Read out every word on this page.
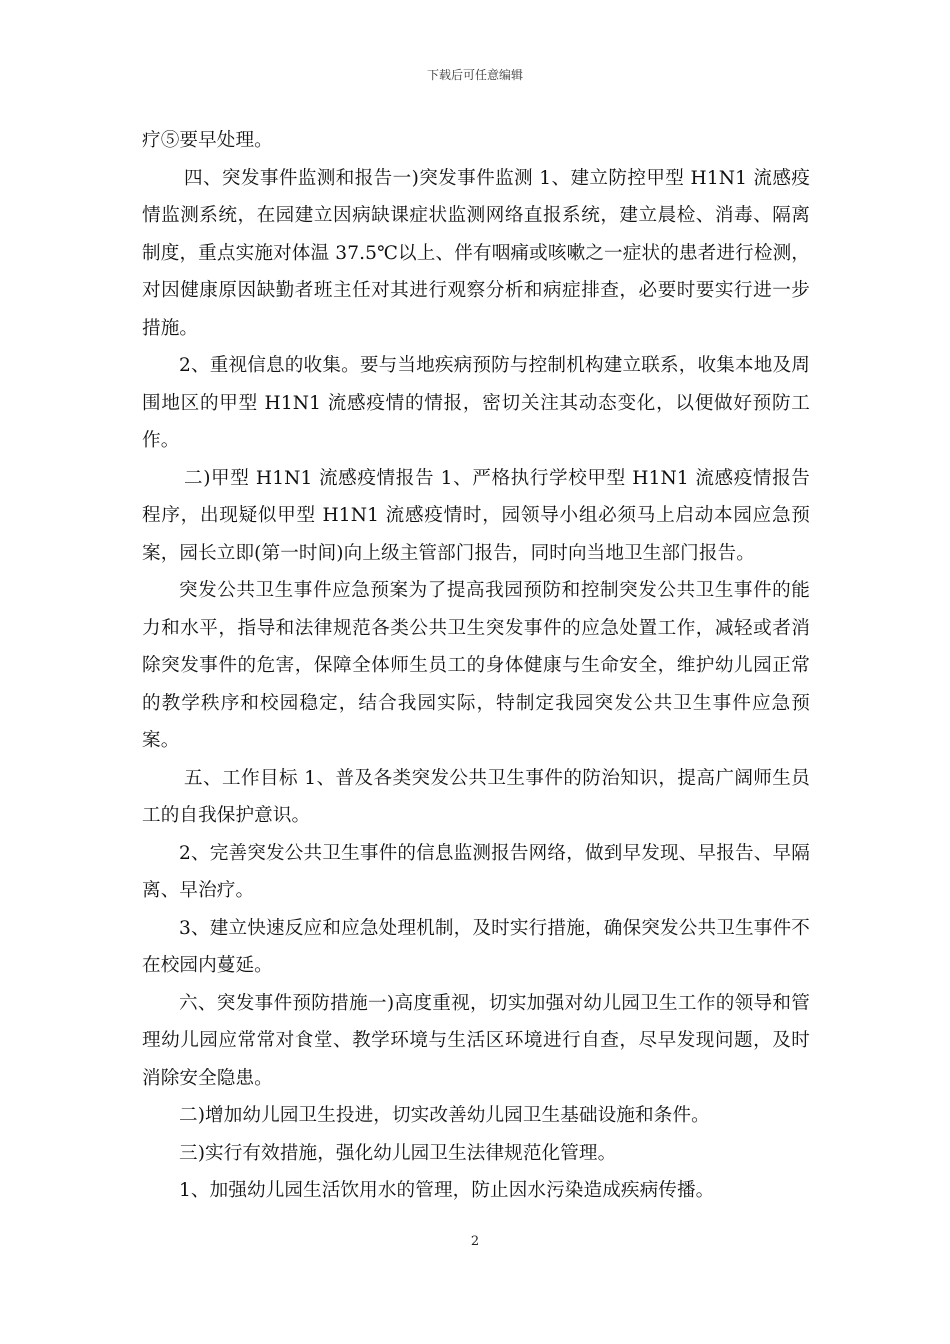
下载后可任意编辑

疗⑤要早处理。

四、突发事件监测和报告一)突发事件监测 1、建立防控甲型 H1N1 流感疫情监测系统，在园建立因病缺课症状监测网络直报系统，建立晨检、消毒、隔离制度，重点实施对体温 37.5℃以上、伴有咽痛或咳嗽之一症状的患者进行检测，对因健康原因缺勤者班主任对其进行观察分析和病症排查，必要时要实行进一步措施。

2、重视信息的收集。要与当地疾病预防与控制机构建立联系，收集本地及周围地区的甲型 H1N1 流感疫情的情报，密切关注其动态变化，以便做好预防工作。

二)甲型 H1N1 流感疫情报告 1、严格执行学校甲型 H1N1 流感疫情报告程序，出现疑似甲型 H1N1 流感疫情时，园领导小组必须马上启动本园应急预案，园长立即(第一时间)向上级主管部门报告，同时向当地卫生部门报告。

突发公共卫生事件应急预案为了提高我园预防和控制突发公共卫生事件的能力和水平，指导和法律规范各类公共卫生突发事件的应急处置工作，减轻或者消除突发事件的危害，保障全体师生员工的身体健康与生命安全，维护幼儿园正常的教学秩序和校园稳定，结合我园实际，特制定我园突发公共卫生事件应急预案。

五、工作目标 1、普及各类突发公共卫生事件的防治知识，提高广阔师生员工的自我保护意识。

2、完善突发公共卫生事件的信息监测报告网络，做到早发现、早报告、早隔离、早治疗。

3、建立快速反应和应急处理机制，及时实行措施，确保突发公共卫生事件不在校园内蔓延。

六、突发事件预防措施一)高度重视，切实加强对幼儿园卫生工作的领导和管理幼儿园应常常对食堂、教学环境与生活区环境进行自查，尽早发现问题，及时消除安全隐患。

二)增加幼儿园卫生投进，切实改善幼儿园卫生基础设施和条件。

三)实行有效措施，强化幼儿园卫生法律规范化管理。

1、加强幼儿园生活饮用水的管理，防止因水污染造成疾病传播。

2
